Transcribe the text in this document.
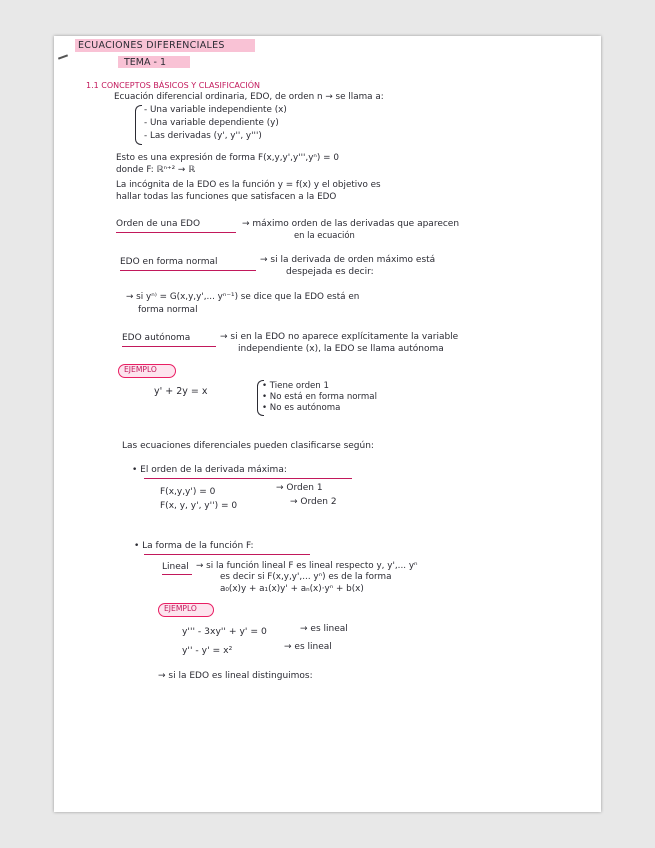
ECUACIONES DIFERENCIALES
TEMA - 1
1.1 CONCEPTOS BÁSICOS Y CLASIFICACIÓN
Ecuación diferencial ordinaria, EDO, de orden n → se llama a:
- Una variable independiente (x)
- Una variable dependiente (y)
- Las derivadas (y', y'', y''')
Esto es una expresión de forma F(x,y,y',y''',yⁿ) = 0
donde F: ℝⁿ⁺² → ℝ
La incógnita de la EDO es la función y = f(x) y el objetivo es
hallar todas las funciones que satisfacen a la EDO
Orden de una EDO	→ máximo orden de las derivadas que aparecen
en la ecuación
EDO en forma normal	→ si la derivada de orden máximo está
despejada es decir:
→ si yⁿ⁾ = G(x,y,y',... yⁿ⁻¹) se dice que la EDO está en
forma normal
EDO autónoma	→ si en la EDO no aparece explícitamente la variable
independiente (x), la EDO se llama autónoma
EJEMPLO
y' + 2y = x	• Tiene orden 1
• No está en forma normal
• No es autónoma
Las ecuaciones diferenciales pueden clasificarse según:
• El orden de la derivada máxima:
F(x,y,y') = 0	→ Orden 1
F(x, y, y', y'') = 0	→ Orden 2
• La forma de la función F:
Lineal → si la función lineal F es lineal respecto y, y',... yⁿ
es decir si F(x,y,y',... yⁿ) es de la forma
a₀(x)y + a₁(x)y' + aₙ(x)·yⁿ + b(x)
EJEMPLO
y''' - 3xy'' + y' = 0	→ es lineal
y'' - y' = x²	→ es lineal
→ si la EDO es lineal distinguimos:
